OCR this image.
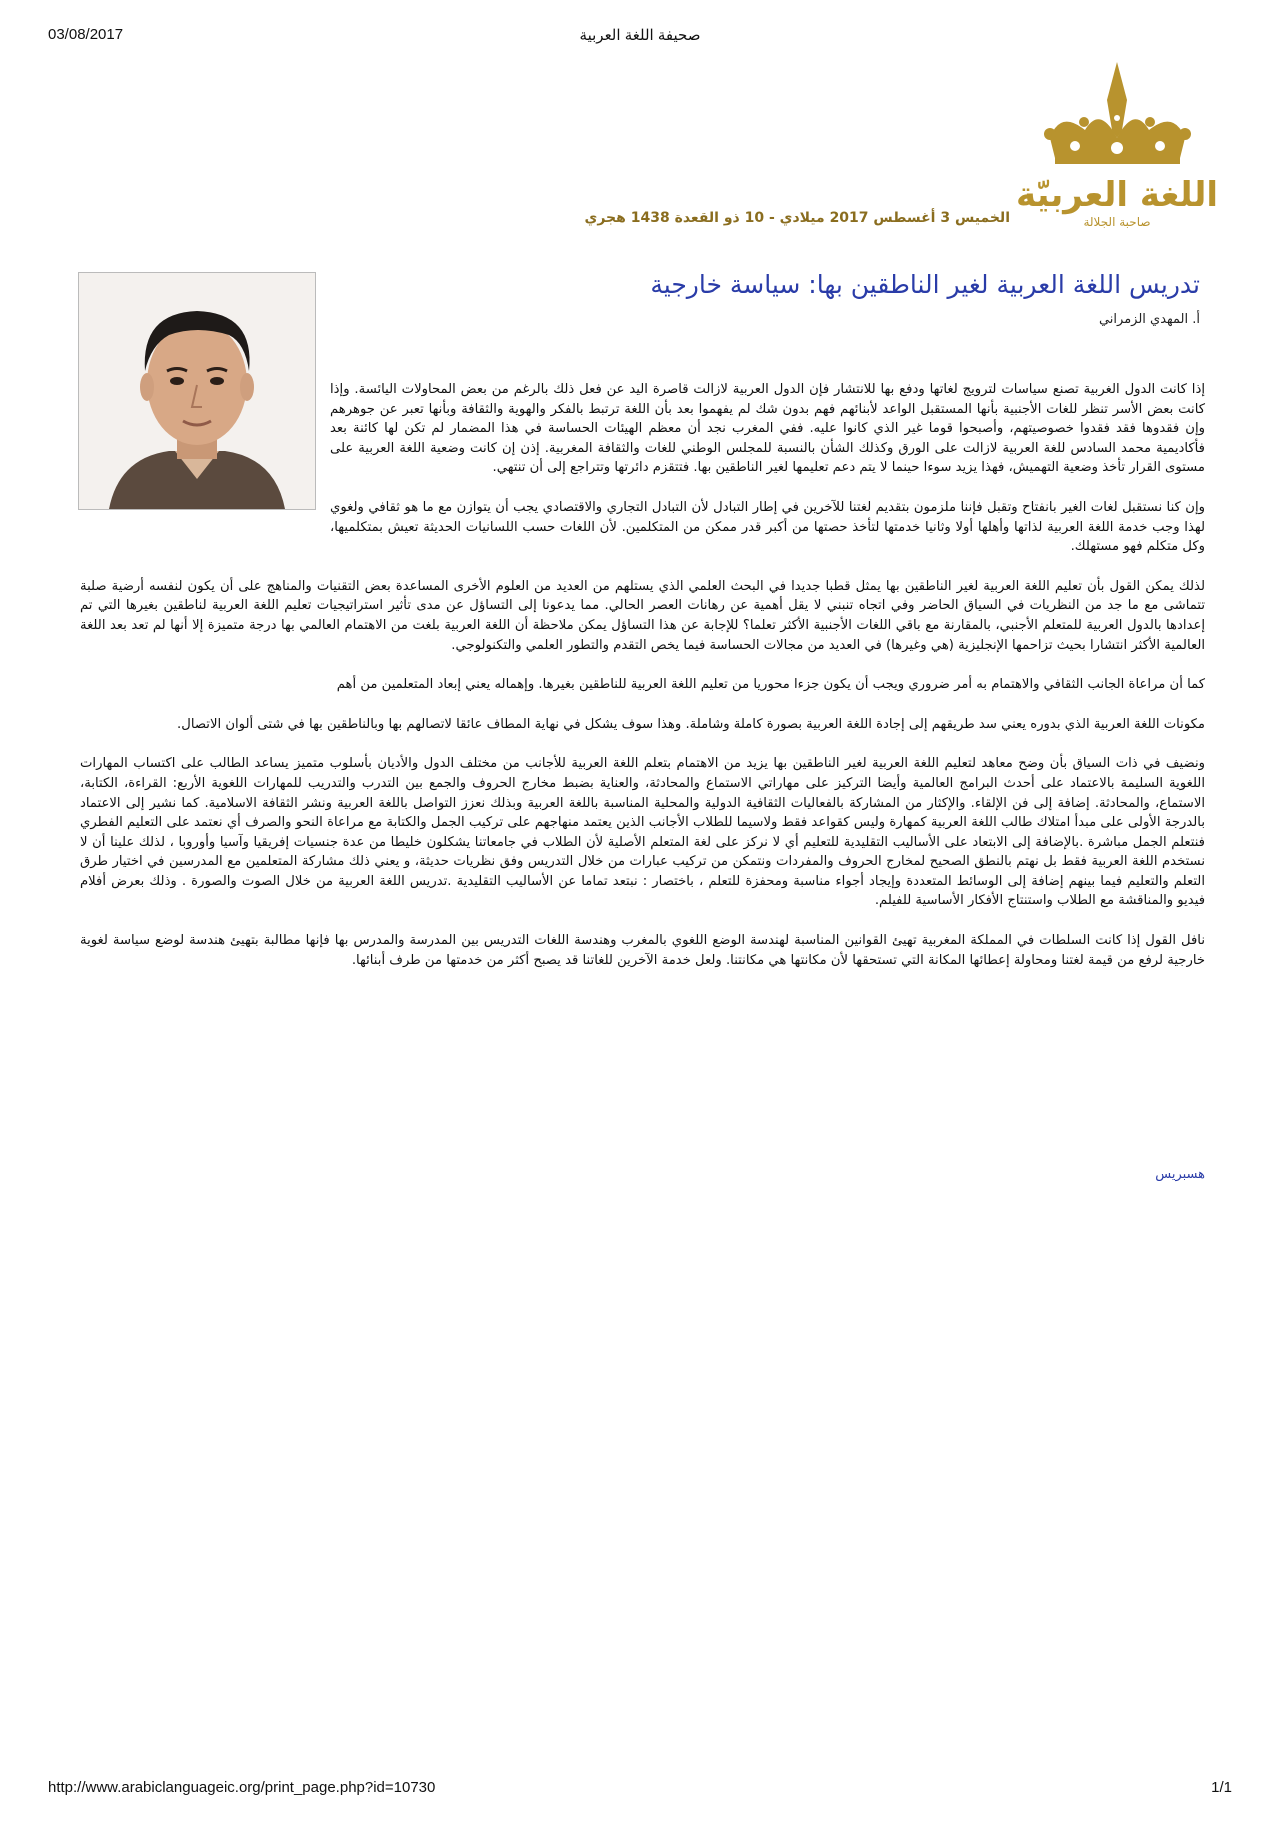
03/08/2017	صحيفة اللغة العربية
اللغة العربيّة
صاحبة الجلالة
الخميس 3 أغسطس 2017 ميلادي - 10 ذو القعدة 1438 هجري
تدريس اللغة العربية لغير الناطقين بها: سياسة خارجية
أ. المهدي الزمراني

إذا كانت الدول الغربية تصنع سياسات لترويج لغاتها ودفع بها للانتشار فإن الدول العربية لازالت قاصرة اليد عن فعل ذلك بالرغم من بعض المحاولات اليائسة. وإذا كانت بعض الأسر تنظر للغات الأجنبية بأنها المستقبل الواعد لأبنائهم فهم بدون شك لم يفهموا بعد بأن اللغة ترتبط بالفكر والهوية والثقافة وبأنها تعبر عن جوهرهم وإن فقدوها فقد فقدوا خصوصيتهم، وأصبحوا قوما غير الذي كانوا عليه. ففي المغرب نجد أن معظم الهيئات الحساسة في هذا المضمار لم تكن لها كائنة بعد فأكاديمية محمد السادس للغة العربية لازالت على الورق وكذلك الشأن بالنسبة للمجلس الوطني للغات والثقافة المغربية. إذن إن كانت وضعية اللغة العربية على مستوى القرار تأخذ وضعية التهميش، فهذا يزيد سوءا حينما لا يتم دعم تعليمها لغير الناطقين بها. فتتقزم دائرتها وتتراجع إلى أن تنتهي.

وإن كنا نستقبل لغات الغير بانفتاح وتقبل فإننا ملزمون بتقديم لغتنا للآخرين في إطار التبادل لأن التبادل التجاري والاقتصادي يجب أن يتوازن مع ما هو ثقافي ولغوي لهذا وجب خدمة اللغة العربية لذاتها وأهلها أولا وثانيا خدمتها لتأخذ حصتها من أكبر قدر ممكن من المتكلمين. لأن اللغات حسب اللسانيات الحديثة تعيش بمتكلميها، وكل متكلم فهو مستهلك.

لذلك يمكن القول بأن تعليم اللغة العربية لغير الناطقين بها يمثل قطبا جديدا في البحث العلمي الذي يستلهم من العديد من العلوم الأخرى المساعدة بعض التقنيات والمناهج على أن يكون لنفسه أرضية صلبة تتماشى مع ما جد من النظريات في السياق الحاضر وفي اتجاه تنبني لا يقل أهمية عن رهانات العصر الحالي. مما يدعونا إلى التساؤل عن مدى تأثير استراتيجيات تعليم اللغة العربية لناطقين بغيرها التي تم إعدادها بالدول العربية للمتعلم الأجنبي، بالمقارنة مع باقي اللغات الأجنبية الأكثر تعلما؟ للإجابة عن هذا التساؤل يمكن ملاحظة أن اللغة العربية بلغت من الاهتمام العالمي بها درجة متميزة إلا أنها لم تعد بعد اللغة العالمية الأكثر انتشارا بحيث تزاحمها الإنجليزية (هي وغيرها) في العديد من مجالات الحساسة فيما يخص التقدم والتطور العلمي والتكنولوجي.

كما أن مراعاة الجانب الثقافي والاهتمام به أمر ضروري ويجب أن يكون جزءا محوريا من تعليم اللغة العربية للناطقين بغيرها. وإهماله يعني إبعاد المتعلمين من أهم

مكونات اللغة العربية الذي بدوره يعني سد طريقهم إلى إجادة اللغة العربية بصورة كاملة وشاملة. وهذا سوف يشكل في نهاية المطاف عائقا لاتصالهم بها وبالناطقين بها في شتى ألوان الاتصال.

ونضيف في ذات السياق بأن وضح معاهد لتعليم اللغة العربية لغير الناطقين بها يزيد من الاهتمام بتعلم اللغة العربية للأجانب من مختلف الدول والأديان بأسلوب متميز يساعد الطالب على اكتساب المهارات اللغوية السليمة بالاعتماد على أحدث البرامج العالمية وأيضا التركيز على مهاراتي الاستماع والمحادثة، والعناية بضبط مخارج الحروف والجمع بين التدرب والتدريب للمهارات اللغوية الأربع: القراءة، الكتابة، الاستماع، والمحادثة. إضافة إلى فن الإلقاء. والإكثار من المشاركة بالفعاليات الثقافية الدولية والمحلية المناسبة باللغة العربية وبذلك نعزز التواصل باللغة العربية ونشر الثقافة الاسلامية. كما نشير إلى الاعتماد بالدرجة الأولى على مبدأ امتلاك طالب اللغة العربية كمهارة وليس كقواعد فقط ولاسيما للطلاب الأجانب الذين يعتمد منهاجهم على تركيب الجمل والكتابة مع مراعاة النحو والصرف أي نعتمد على التعليم الفطري فنتعلم الجمل مباشرة .بالإضافة إلى الابتعاد على الأساليب التقليدية للتعليم أي لا نركز على لغة المتعلم الأصلية لأن الطلاب في جامعاتنا يشكلون خليطا من عدة جنسيات إفريقيا وآسيا وأوروبا ، لذلك علينا أن لا نستخدم اللغة العربية فقط بل نهتم بالنطق الصحيح لمخارج الحروف والمفردات ونتمكن من تركيب عبارات من خلال التدريس وفق نظريات حديثة، و يعني ذلك مشاركة المتعلمين مع المدرسين في اختيار طرق التعلم والتعليم فيما بينهم إضافة إلى الوسائط المتعددة وإيجاد أجواء مناسبة ومحفزة للتعلم ، باختصار : نبتعد تماما عن الأساليب التقليدية .تدريس اللغة العربية من خلال الصوت والصورة . وذلك بعرض أفلام فيديو والمناقشة مع الطلاب واستنتاج الأفكار الأساسية للفيلم.

نافل القول إذا كانت السلطات في المملكة المغربية تهيئ القوانين المناسبة لهندسة الوضع اللغوي بالمغرب وهندسة اللغات التدريس بين المدرسة والمدرس بها فإنها مطالبة بتهيئ هندسة لوضع سياسة لغوية خارجية لرفع من قيمة لغتنا ومحاولة إعطائها المكانة التي تستحقها لأن مكانتها هي مكانتنا. ولعل خدمة الآخرين للغاتنا قد يصبح أكثر من خدمتها من طرف أبنائها.

هسبريس
http://www.arabiclanguageic.org/print_page.php?id=10730	1/1
